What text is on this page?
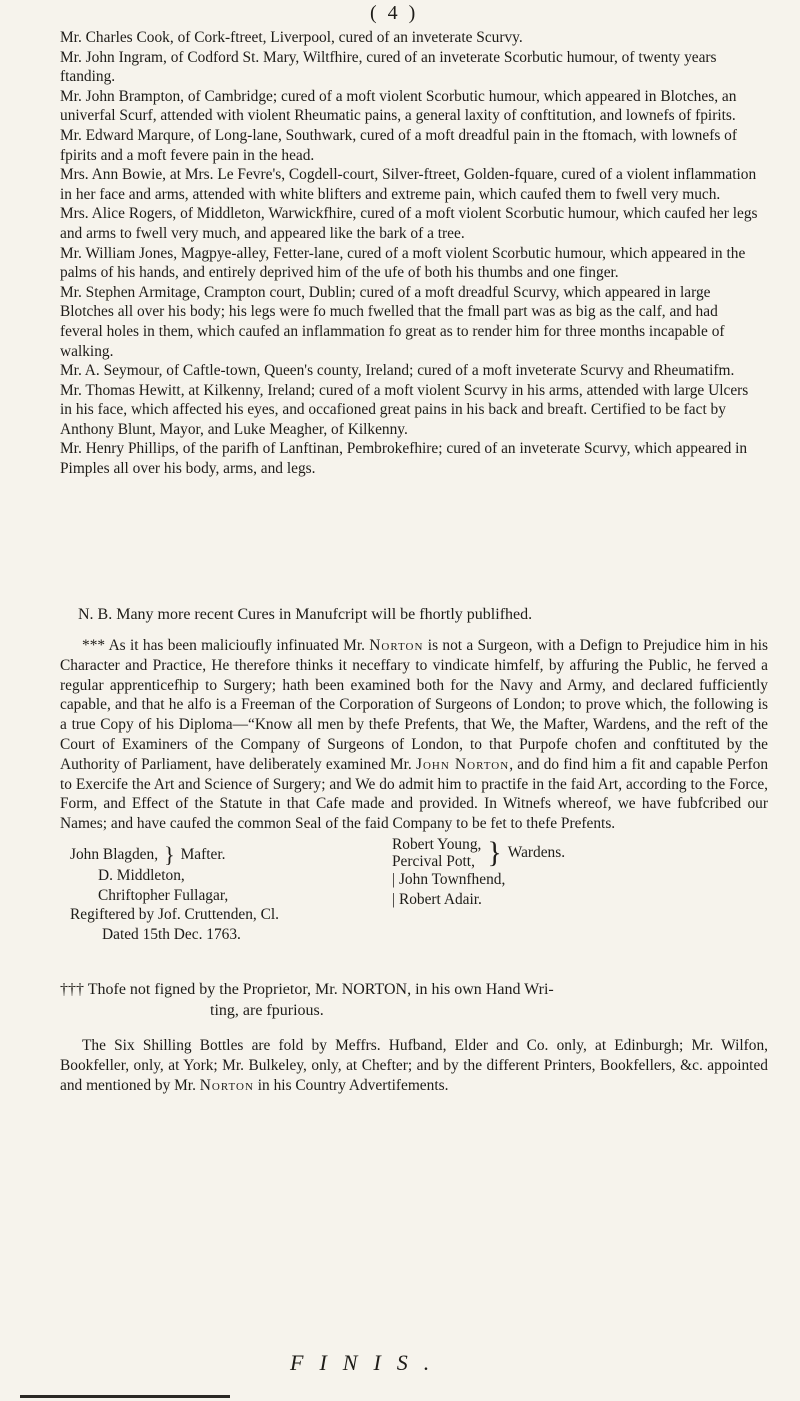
( 4 )

Mr. Charles Cook, of Cork-ftreet, Liverpool, cured of an inveterate Scurvy.

Mr. John Ingram, of Codford St. Mary, Wiltfhire, cured of an inveterate Scorbutic humour, of twenty years ftanding.

Mr. John Brampton, of Cambridge; cured of a moft violent Scorbutic humour, which appeared in Blotches, an univerfal Scurf, attended with violent Rheumatic pains, a general laxity of conftitution, and lownefs of fpirits.

Mr. Edward Marqure, of Long-lane, Southwark, cured of a moft dreadful pain in the ftomach, with lownefs of fpirits and a moft fevere pain in the head.

Mrs. Ann Bowie, at Mrs. Le Fevre's, Cogdell-court, Silver-ftreet, Golden-fquare, cured of a violent inflammation in her face and arms, attended with white blifters and extreme pain, which caufed them to fwell very much.

Mrs. Alice Rogers, of Middleton, Warwickfhire, cured of a moft violent Scorbutic humour, which caufed her legs and arms to fwell very much, and appeared like the bark of a tree.

Mr. William Jones, Magpye-alley, Fetter-lane, cured of a moft violent Scorbutic humour, which appeared in the palms of his hands, and entirely deprived him of the ufe of both his thumbs and one finger.

Mr. Stephen Armitage, Crampton court, Dublin; cured of a moft dreadful Scurvy, which appeared in large Blotches all over his body; his legs were fo much fwelled that the fmall part was as big as the calf, and had feveral holes in them, which caufed an inflammation fo great as to render him for three months incapable of walking.

Mr. A. Seymour, of Caftle-town, Queen's county, Ireland; cured of a moft inveterate Scurvy and Rheumatifm.

Mr. Thomas Hewitt, at Kilkenny, Ireland; cured of a moft violent Scurvy in his arms, attended with large Ulcers in his face, which affected his eyes, and occafioned great pains in his back and breaft. Certified to be fact by Anthony Blunt, Mayor, and Luke Meagher, of Kilkenny.

Mr. Henry Phillips, of the parifh of Lanftinan, Pembrokefhire; cured of an inveterate Scurvy, which appeared in Pimples all over his body, arms, and legs.

N. B. Many more recent Cures in Manufcript will be fhortly publifhed.
*** As it has been malicioufly infinuated Mr. Norton is not a Surgeon, with a Defign to Prejudice him in his Character and Practice, He therefore thinks it neceffary to vindicate himfelf, by affuring the Public, he ferved a regular apprenticefhip to Surgery; hath been examined both for the Navy and Army, and declared fufficiently capable, and that he alfo is a Freeman of the Corporation of Surgeons of London; to prove which, the following is a true Copy of his Diploma—“Know all men by thefe Prefents, that We, the Mafter, Wardens, and the reft of the Court of Examiners of the Company of Surgeons of London, to that Purpofe chofen and conftituted by the Authority of Parliament, have deliberately examined Mr. John Norton, and do find him a fit and capable Perfon to Exercife the Art and Science of Surgery; and We do admit him to practife in the faid Art, according to the Force, Form, and Effect of the Statute in that Cafe made and provided. In Witnefs whereof, we have fubfcribed our Names; and have caufed the common Seal of the faid Company to be fet to thefe Prefents.
John Blagden, } Mafter.
D. Middleton,
Chriftopher Fullagar,
Regiftered by Jof. Cruttenden, Cl.
Dated 15th Dec. 1763.
Robert Young,
Percival Pott, } Wardens.
| John Townfhend,
| Robert Adair.
††† Thofe not figned by the Proprietor, Mr. NORTON, in his own Hand Wri-
ting, are fpurious.
The Six Shilling Bottles are fold by Meffrs. Hufband, Elder and Co. only, at Edinburgh; Mr. Wilfon, Bookfeller, only, at York; Mr. Bulkeley, only, at Chefter; and by the different Printers, Bookfellers, &c. appointed and mentioned by Mr. Norton in his Country Advertifements.
FINIS.
